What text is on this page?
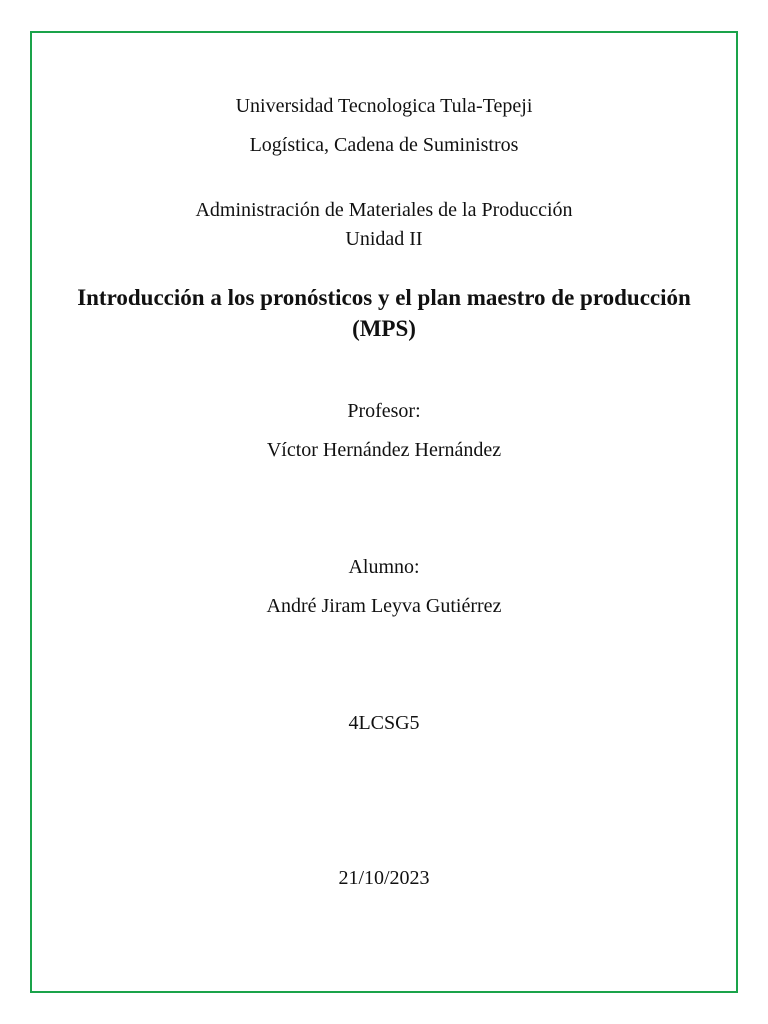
Universidad Tecnologica Tula-Tepeji
Logística, Cadena de Suministros
Administración de Materiales de la Producción
Unidad II
Introducción a los pronósticos y el plan maestro de producción (MPS)
Profesor:
Víctor Hernández Hernández
Alumno:
André Jiram Leyva Gutiérrez
4LCSG5
21/10/2023
